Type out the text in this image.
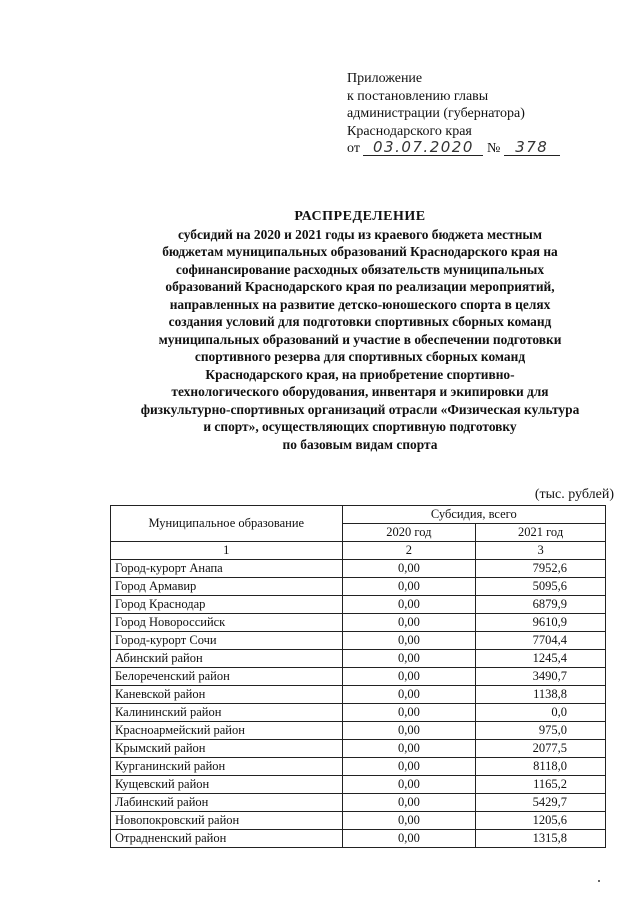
Приложение
к постановлению главы
администрации (губернатора)
Краснодарского края
от 03.07.2020 № 378
РАСПРЕДЕЛЕНИЕ
субсидий на 2020 и 2021 годы из краевого бюджета местным
бюджетам муниципальных образований Краснодарского края на
софинансирование расходных обязательств муниципальных
образований Краснодарского края по реализации мероприятий,
направленных на развитие детско-юношеского спорта в целях
создания условий для подготовки спортивных сборных команд
муниципальных образований и участие в обеспечении подготовки
спортивного резерва для спортивных сборных команд
Краснодарского края, на приобретение спортивно-
технологического оборудования, инвентаря и экипировки для
физкультурно-спортивных организаций отрасли «Физическая культура
и спорт», осуществляющих спортивную подготовку
по базовым видам спорта
(тыс. рублей)
Муниципальное образование	Субсидия, всего	
	2020 год	2021 год
1	2	3
Город-курорт Анапа	0,00	7952,6
Город Армавир	0,00	5095,6
Город Краснодар	0,00	6879,9
Город Новороссийск	0,00	9610,9
Город-курорт Сочи	0,00	7704,4
Абинский район	0,00	1245,4
Белореченский район	0,00	3490,7
Каневской район	0,00	1138,8
Калининский район	0,00	0,0
Красноармейский район	0,00	975,0
Крымский район	0,00	2077,5
Курганинский район	0,00	8118,0
Кущевский район	0,00	1165,2
Лабинский район	0,00	5429,7
Новопокровский район	0,00	1205,6
Отрадненский район	0,00	1315,8
